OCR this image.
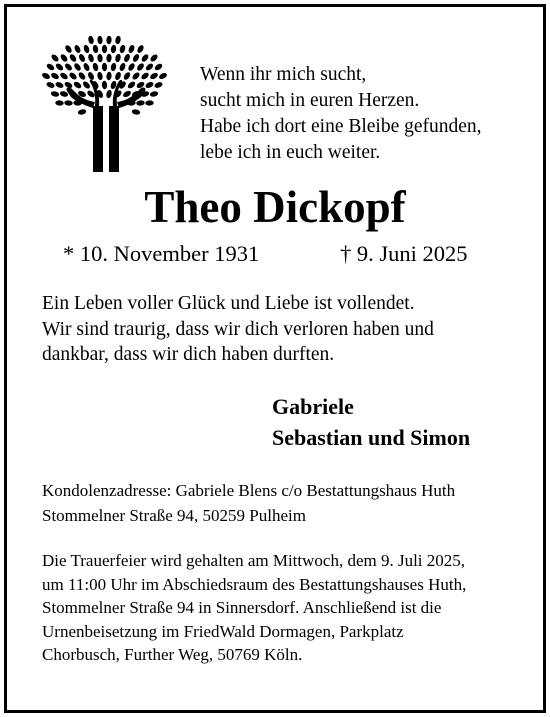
Wenn ihr mich sucht,
sucht mich in euren Herzen.
Habe ich dort eine Bleibe gefunden,
lebe ich in euch weiter.
Theo Dickopf
* 10. November 1931	† 9. Juni 2025
Ein Leben voller Glück und Liebe ist vollendet.
Wir sind traurig, dass wir dich verloren haben und
dankbar, dass wir dich haben durften.
Gabriele
Sebastian und Simon
Kondolenzadresse: Gabriele Blens c/o Bestattungshaus Huth
Stommelner Straße 94, 50259 Pulheim
Die Trauerfeier wird gehalten am Mittwoch, dem 9. Juli 2025,
um 11:00 Uhr im Abschiedsraum des Bestattungshauses Huth,
Stommelner Straße 94 in Sinnersdorf. Anschließend ist die
Urnenbeisetzung im FriedWald Dormagen, Parkplatz
Chorbusch, Further Weg, 50769 Köln.
